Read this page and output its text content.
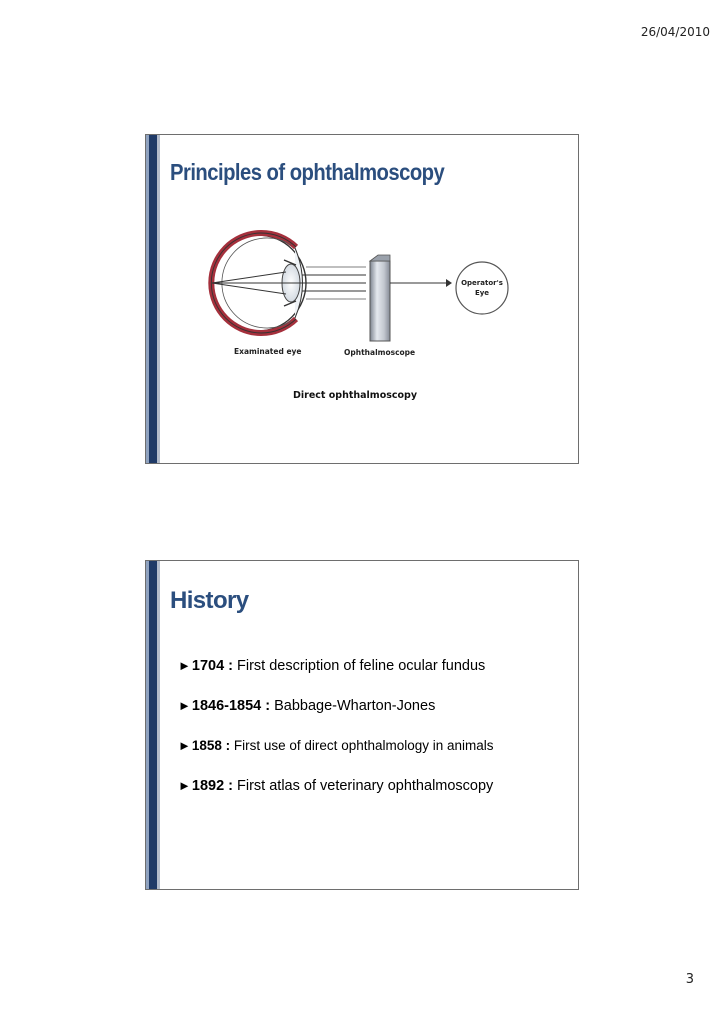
26/04/2010
Principles of ophthalmoscopy
Operator's
Eye
Examinated eye	Ophthalmoscope
Direct ophthalmoscopy
History
►1704 : First description of feline ocular fundus
►1846-1854 : Babbage-Wharton-Jones
►1858 : First use of direct ophthalmology in animals
►1892 : First atlas of veterinary ophthalmoscopy
3
